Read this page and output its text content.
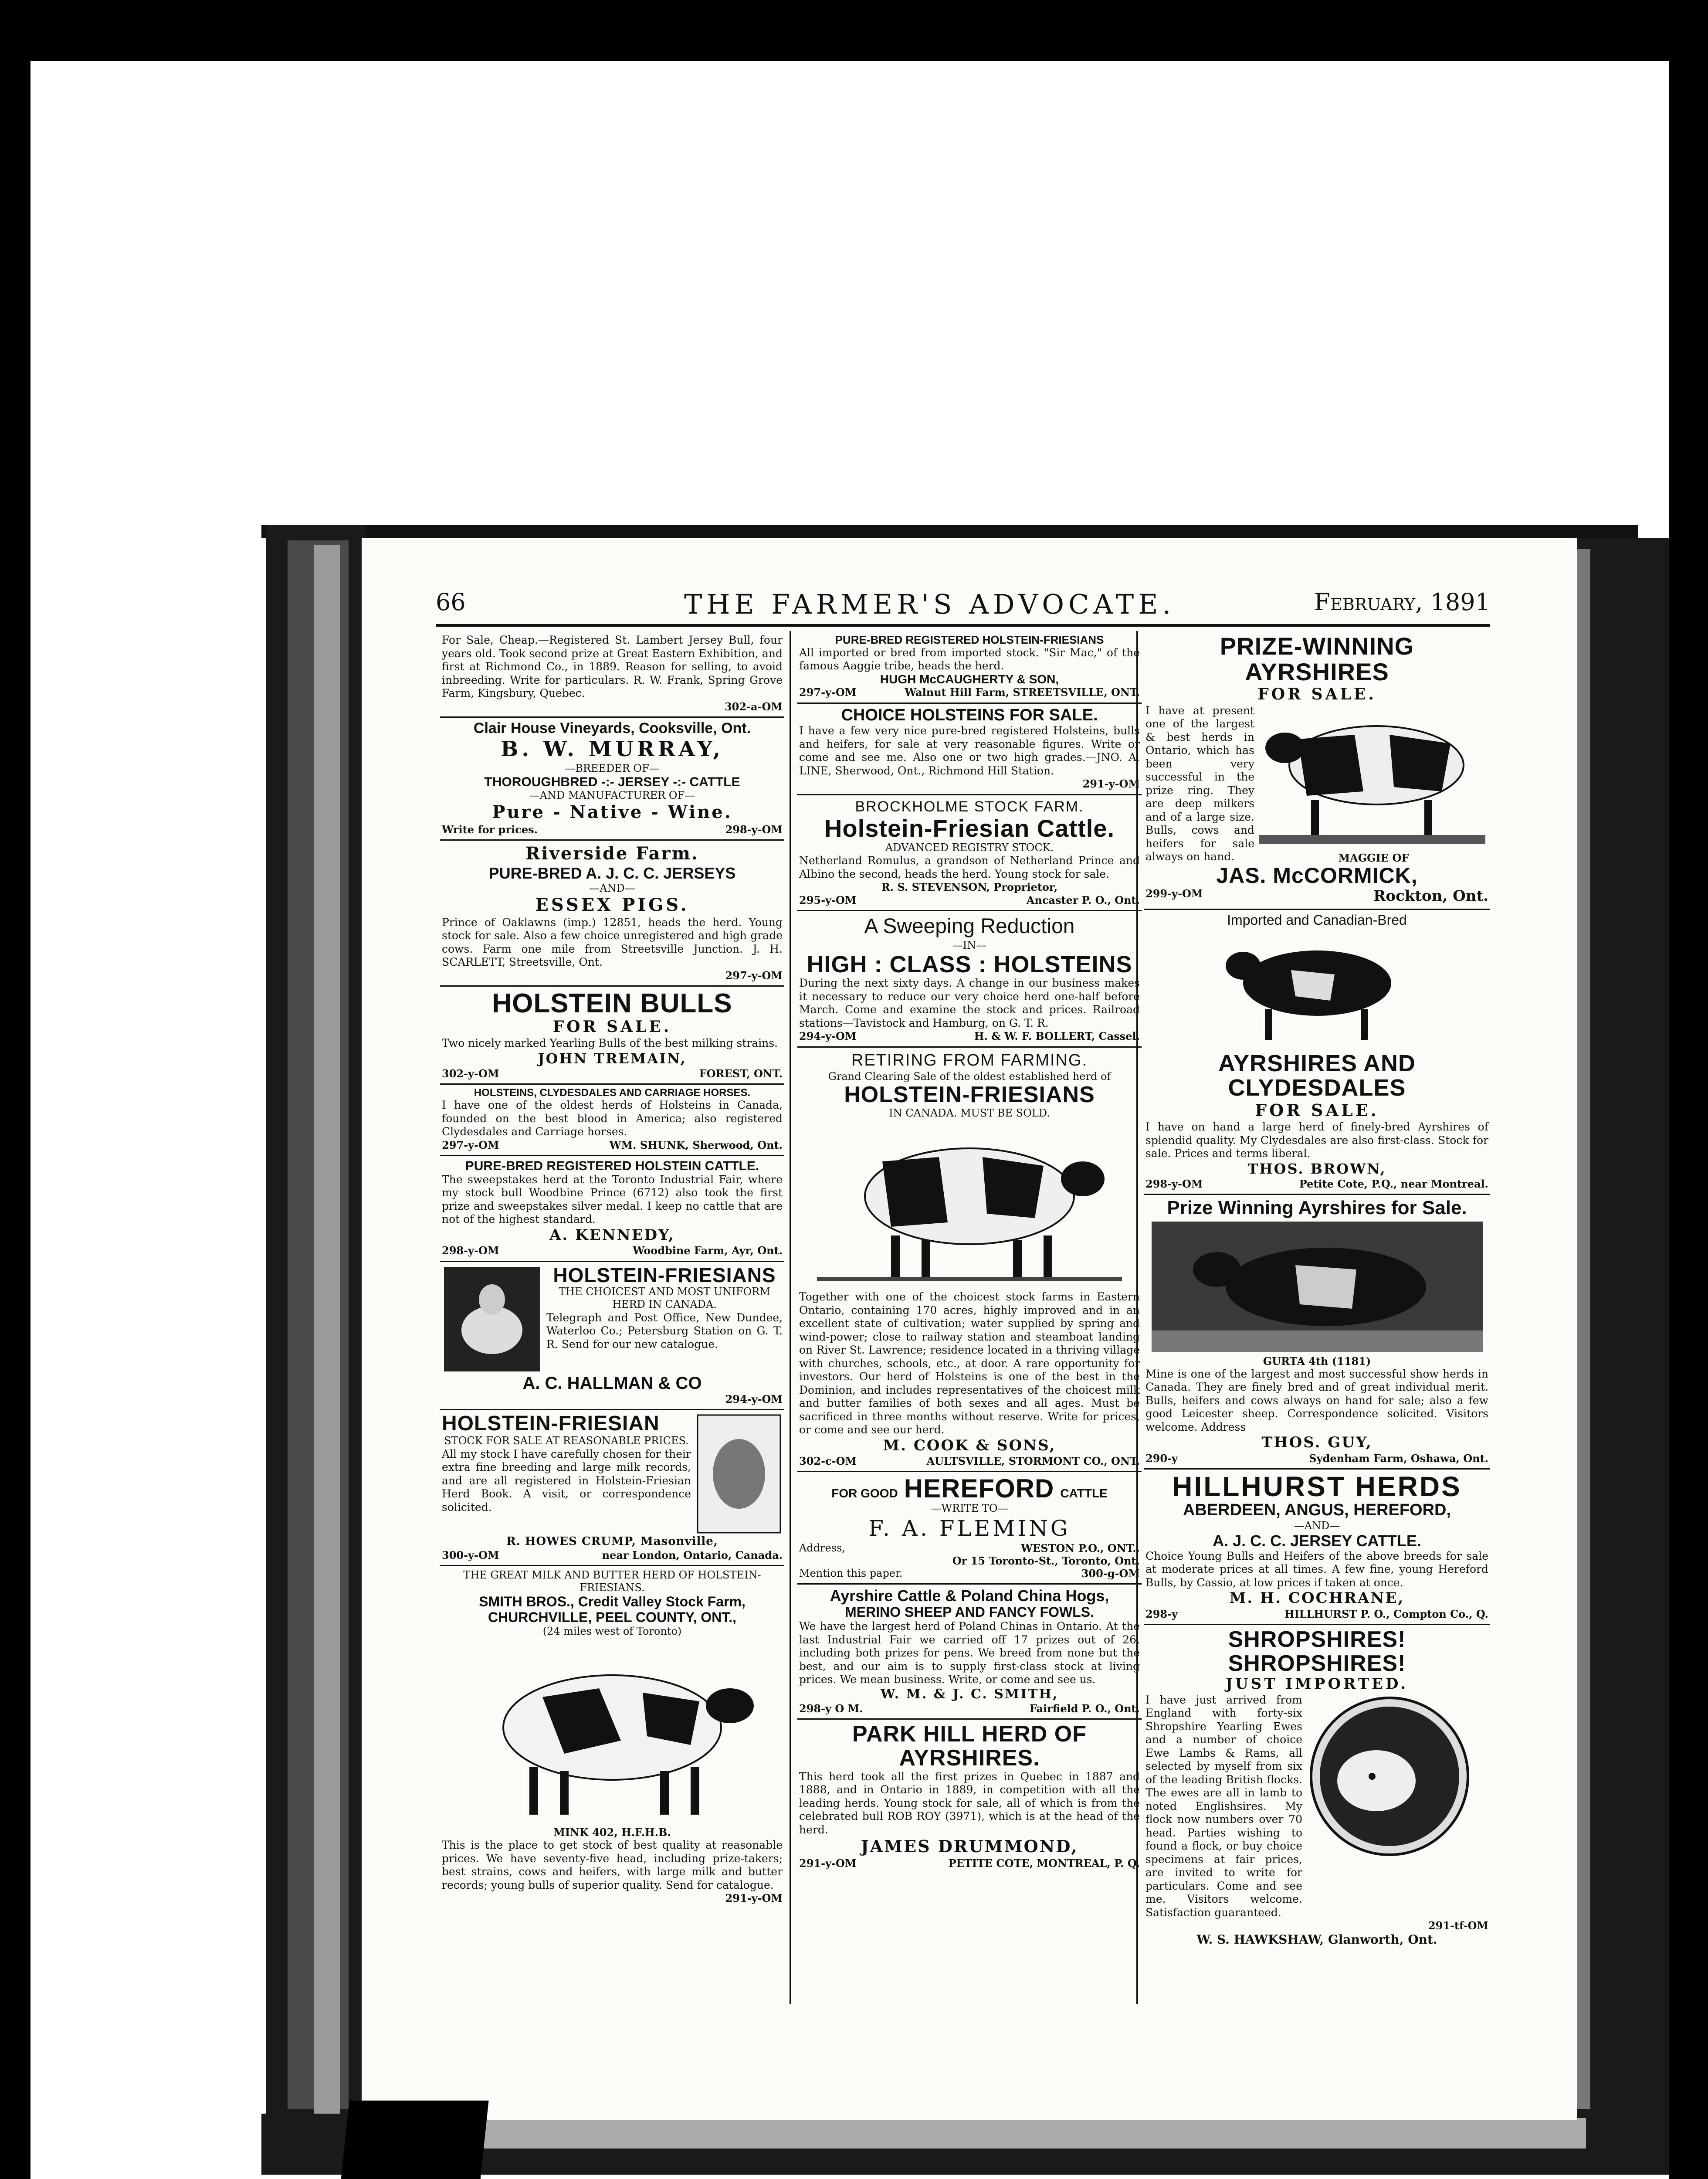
66	THE FARMER'S ADVOCATE.	February, 1891
For Sale, Cheap.—Registered St. Lambert Jersey Bull, four years old. Took second prize at Great Eastern Exhibition, and first at Richmond Co., in 1889. Reason for selling, to avoid inbreeding. Write for particulars. R. W. Frank, Spring Grove Farm, Kingsbury, Quebec.
302-a-OM
Clair House Vineyards, Cooksville, Ont.
B. W. MURRAY,
—BREEDER OF—
THOROUGHBRED -:- JERSEY -:- CATTLE
—AND MANUFACTURER OF—
Pure - Native - Wine.
Write for prices.	298-y-OM
Riverside Farm.
PURE-BRED A. J. C. C. JERSEYS
—AND—
ESSEX PIGS.
Prince of Oaklawns (imp.) 12851, heads the herd. Young stock for sale. Also a few choice unregistered and high grade cows. Farm one mile from Streetsville Junction. J. H. SCARLETT, Streetsville, Ont.
297-y-OM
HOLSTEIN BULLS
FOR SALE.
Two nicely marked Yearling Bulls of the best milking strains.
JOHN TREMAIN,
302-y-OM	FOREST, ONT.
HOLSTEINS, CLYDESDALES AND CARRIAGE HORSES.
I have one of the oldest herds of Holsteins in Canada, founded on the best blood in America; also registered Clydesdales and Carriage horses.
297-y-OM	WM. SHUNK, Sherwood, Ont.
PURE-BRED REGISTERED HOLSTEIN CATTLE.
The sweepstakes herd at the Toronto Industrial Fair, where my stock bull Woodbine Prince (6712) also took the first prize and sweepstakes silver medal. I keep no cattle that are not of the highest standard.
A. KENNEDY,
298-y-OM	Woodbine Farm, Ayr, Ont.
HOLSTEIN-FRIESIANS
THE CHOICEST AND MOST UNIFORM HERD IN CANADA.
Telegraph and Post Office, New Dundee, Waterloo Co.; Petersburg Station on G. T. R. Send for our new catalogue.
A. C. HALLMAN & CO
294-y-OM
HOLSTEIN-FRIESIAN
STOCK FOR SALE AT REASONABLE PRICES.
All my stock I have carefully chosen for their extra fine breeding and large milk records, and are all registered in Holstein-Friesian Herd Book. A visit, or correspondence solicited.
R. HOWES CRUMP, Masonville,
300-y-OM	near London, Ontario, Canada.
THE GREAT MILK AND BUTTER HERD OF HOLSTEIN-FRIESIANS.
SMITH BROS., Credit Valley Stock Farm,
CHURCHVILLE, PEEL COUNTY, ONT.,
(24 miles west of Toronto)
MINK 402, H.F.H.B.
This is the place to get stock of best quality at reasonable prices. We have seventy-five head, including prize-takers; best strains, cows and heifers, with large milk and butter records; young bulls of superior quality. Send for catalogue.
291-y-OM
PURE-BRED REGISTERED HOLSTEIN-FRIESIANS
All imported or bred from imported stock. "Sir Mac," of the famous Aaggie tribe, heads the herd.
HUGH McCAUGHERTY & SON,
297-y-OM	Walnut Hill Farm, STREETSVILLE, ONT.
CHOICE HOLSTEINS FOR SALE.
I have a few very nice pure-bred registered Holsteins, bulls and heifers, for sale at very reasonable figures. Write or come and see me. Also one or two high grades.—JNO. A. LINE, Sherwood, Ont., Richmond Hill Station.
291-y-OM
BROCKHOLME STOCK FARM.
Holstein-Friesian Cattle.
ADVANCED REGISTRY STOCK.
Netherland Romulus, a grandson of Netherland Prince and Albino the second, heads the herd. Young stock for sale.
R. S. STEVENSON, Proprietor,
295-y-OM	Ancaster P. O., Ont.
A Sweeping Reduction
—IN—
HIGH : CLASS : HOLSTEINS
During the next sixty days. A change in our business makes it necessary to reduce our very choice herd one-half before March. Come and examine the stock and prices. Railroad stations—Tavistock and Hamburg, on G. T. R.
294-y-OM	H. & W. F. BOLLERT, Cassel.
RETIRING FROM FARMING.
Grand Clearing Sale of the oldest established herd of
HOLSTEIN-FRIESIANS
IN CANADA. MUST BE SOLD.
Together with one of the choicest stock farms in Eastern Ontario, containing 170 acres, highly improved and in an excellent state of cultivation; water supplied by spring and wind-power; close to railway station and steamboat landing on River St. Lawrence; residence located in a thriving village with churches, schools, etc., at door. A rare opportunity for investors. Our herd of Holsteins is one of the best in the Dominion, and includes representatives of the choicest milk and butter families of both sexes and all ages. Must be sacrificed in three months without reserve. Write for prices, or come and see our herd.
M. COOK & SONS,
302-c-OM	AULTSVILLE, STORMONT CO., ONT.
FOR GOOD HEREFORD CATTLE
—WRITE TO—
F. A. FLEMING
Address,	WESTON P.O., ONT.,
Or 15 Toronto-St., Toronto, Ont.
Mention this paper.	300-g-OM
Ayrshire Cattle & Poland China Hogs,
MERINO SHEEP AND FANCY FOWLS.
We have the largest herd of Poland Chinas in Ontario. At the last Industrial Fair we carried off 17 prizes out of 26, including both prizes for pens. We breed from none but the best, and our aim is to supply first-class stock at living prices. We mean business. Write, or come and see us.
W. M. & J. C. SMITH,
298-y O M.	Fairfield P. O., Ont.
PARK HILL HERD OF AYRSHIRES.
This herd took all the first prizes in Quebec in 1887 and 1888, and in Ontario in 1889, in competition with all the leading herds. Young stock for sale, all of which is from the celebrated bull ROB ROY (3971), which is at the head of the herd.
JAMES DRUMMOND,
291-y-OM	PETITE COTE, MONTREAL, P. Q.
PRIZE-WINNING AYRSHIRES
FOR SALE.
I have at present one of the largest & best herds in Ontario, which has been very successful in the prize ring. They are deep milkers and of a large size. Bulls, cows and heifers for sale always on hand.	MAGGIE OF
JAS. McCORMICK,
299-y-OM	Rockton, Ont.
Imported and Canadian-Bred
AYRSHIRES AND CLYDESDALES
FOR SALE.
I have on hand a large herd of finely-bred Ayrshires of splendid quality. My Clydesdales are also first-class. Stock for sale. Prices and terms liberal.
THOS. BROWN,
298-y-OM	Petite Cote, P.Q., near Montreal.
Prize Winning Ayrshires for Sale.
GURTA 4th (1181)
Mine is one of the largest and most successful show herds in Canada. They are finely bred and of great individual merit. Bulls, heifers and cows always on hand for sale; also a few good Leicester sheep. Correspondence solicited. Visitors welcome. Address
THOS. GUY,
290-y	Sydenham Farm, Oshawa, Ont.
HILLHURST HERDS
ABERDEEN, ANGUS, HEREFORD,
—AND—
A. J. C. C. JERSEY CATTLE.
Choice Young Bulls and Heifers of the above breeds for sale at moderate prices at all times. A few fine, young Hereford Bulls, by Cassio, at low prices if taken at once.
M. H. COCHRANE,
298-y	HILLHURST P. O., Compton Co., Q.
SHROPSHIRES! SHROPSHIRES!
JUST IMPORTED.
I have just arrived from England with forty-six Shropshire Yearling Ewes and a number of choice Ewe Lambs & Rams, all selected by myself from six of the leading British flocks. The ewes are all in lamb to noted Englishsires. My flock now numbers over 70 head. Parties wishing to found a flock, or buy choice specimens at fair prices, are invited to write for particulars. Come and see me. Visitors welcome. Satisfaction guaranteed.
291-tf-OM
W. S. HAWKSHAW, Glanworth, Ont.
